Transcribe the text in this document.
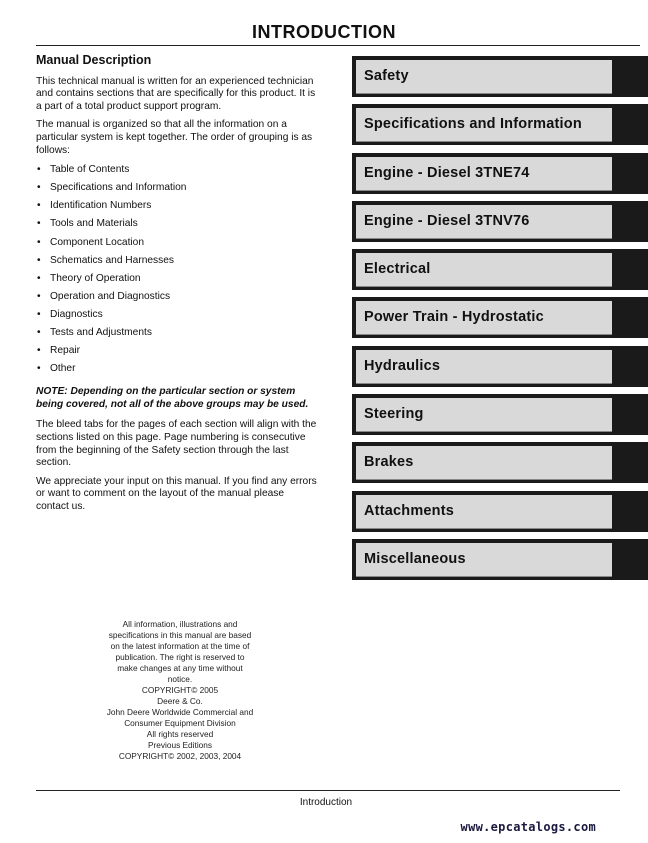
INTRODUCTION
Manual Description

This technical manual is written for an experienced technician and contains sections that are specifically for this product. It is a part of a total product support program.

The manual is organized so that all the information on a particular system is kept together. The order of grouping is as follows:

• Table of Contents
• Specifications and Information
• Identification Numbers
• Tools and Materials
• Component Location
• Schematics and Harnesses
• Theory of Operation
• Operation and Diagnostics
• Diagnostics
• Tests and Adjustments
• Repair
• Other

NOTE: Depending on the particular section or system being covered, not all of the above groups may be used.

The bleed tabs for the pages of each section will align with the sections listed on this page. Page numbering is consecutive from the beginning of the Safety section through the last section.

We appreciate your input on this manual. If you find any errors or want to comment on the layout of the manual please contact us.

Safety
Specifications and Information
Engine - Diesel 3TNE74
Engine - Diesel 3TNV76
Electrical
Power Train - Hydrostatic
Hydraulics
Steering
Brakes
Attachments
Miscellaneous
All information, illustrations and
specifications in this manual are based
on the latest information at the time of
publication. The right is reserved to
make changes at any time without
notice.
COPYRIGHT© 2005
Deere & Co.
John Deere Worldwide Commercial and
Consumer Equipment Division
All rights reserved
Previous Editions
COPYRIGHT© 2002, 2003, 2004
Introduction
www.epcatalogs.com
